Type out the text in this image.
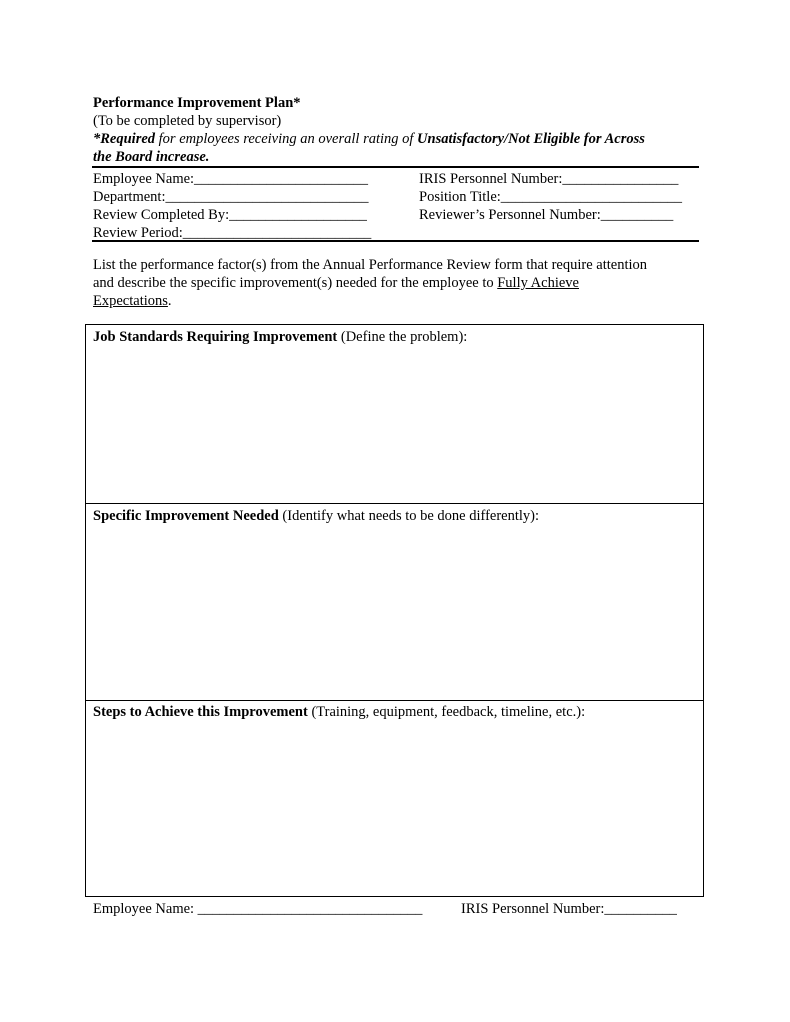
Performance Improvement Plan*
(To be completed by supervisor)
*Required for employees receiving an overall rating of Unsatisfactory/Not Eligible for Across
the Board increase.
Employee Name:________________________
Department:____________________________
Review Completed By:___________________
Review Period:__________________________
IRIS Personnel Number:________________
Position Title:_________________________
Reviewer’s Personnel Number:__________
List the performance factor(s) from the Annual Performance Review form that require attention
and describe the specific improvement(s) needed for the employee to Fully Achieve
Expectations.
Job Standards Requiring Improvement (Define the problem):
Specific Improvement Needed (Identify what needs to be done differently):
Steps to Achieve this Improvement (Training, equipment, feedback, timeline, etc.):
Employee Name: _______________________________	IRIS Personnel Number:__________
